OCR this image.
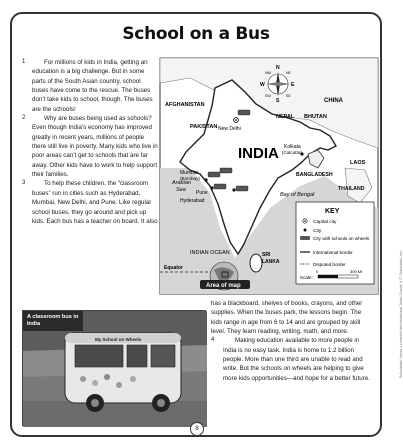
School on a Bus

1	For millions of kids in India, getting an education is a big challenge. But in some parts of the South Asian country, school buses have come to the rescue. The buses don’t take kids to school, though. The buses are the schools!

2	Why are buses being used as schools? Even though India’s economy has improved greatly in recent years, millions of people there still live in poverty. Many kids who live in poor areas can’t get to schools that are far away. Other kids have to work to help support their families.

3	To help these children, the “classroom buses” run in cities such as Hyderabad, Mumbai, New Delhi, and Pune. Like regular school buses, they go around and pick up kids. Each bus has a teacher on board. It also

AFGHANISTAN
PAKISTAN
CHINA
NEPAL BHUTAN
INDIA
BANGLADESH
LAOS
THAILAND
SRI
LANKA
Arabian
Sea
Bay of Bengal
INDIAN OCEAN
Equator
New Delhi
Kolkata
(Calcutta)
Mumbai
(Bombay)
Pune
Hyderabad
N
S
E
W
NW	NE
SW	SE
KEY
Capital city
City
City with schools on wheels
International border
Disputed border
Scale:
0	300 MI
Area of map
My School on Wheels
A classroom bus in India

has a blackboard, shelves of books, crayons, and other supplies. When the buses park, the lessons begin. The kids range in age from 6 to 14 and are grouped by skill level. They learn reading, writing, math, and more.

4	Making education available to more people in India is no easy task. India is home to 1.2 billion people. More than one third are unable to read and write. But the schools on wheels are helping to give more kids opportunities—and hope for a better future.

8
Scholastic News • Leveled Informational Texts Grade 4 © Scholastic Inc.
